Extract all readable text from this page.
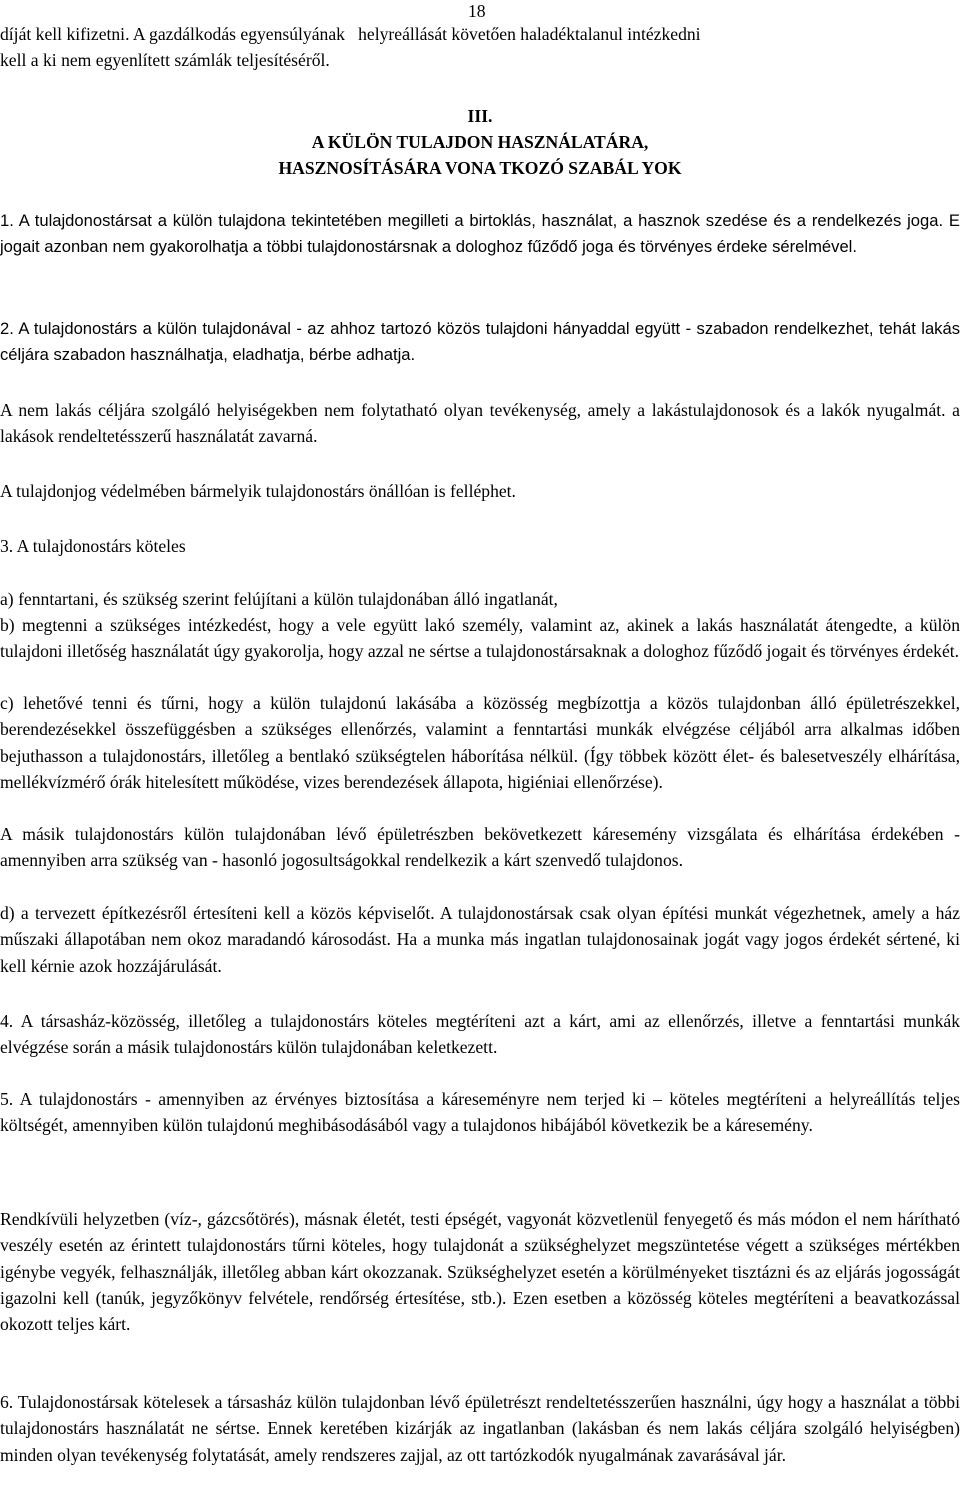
18
díját kell kifizetni. A gazdálkodás egyensúlyának   helyreállását követően haladéktalanul intézkedni
kell a ki nem egyenlített számlák teljesítéséről.
III.
A KÜLÖN TULAJDON HASZNÁLATÁRA,
HASZNOSÍTÁSÁRA VONA TKOZÓ SZABÁL YOK
1. A tulajdonostársat a külön tulajdona tekintetében megilleti a birtoklás, használat, a hasznok szedése és a rendelkezés joga. E jogait azonban nem gyakorolhatja a többi tulajdonostársnak a dologhoz fűződő joga és törvényes érdeke sérelmével.
2. A tulajdonostárs a külön tulajdonával - az ahhoz tartozó közös tulajdoni hányaddal együtt - szabadon rendelkezhet, tehát lakás céljára szabadon használhatja, eladhatja, bérbe adhatja.
A nem lakás céljára szolgáló helyiségekben nem folytatható olyan tevékenység, amely a lakástulajdonosok és a lakók nyugalmát. a lakások rendeltetésszerű használatát zavarná.
A tulajdonjog védelmében bármelyik tulajdonostárs önállóan is felléphet.
3. A tulajdonostárs köteles
a) fenntartani, és szükség szerint felújítani a külön tulajdonában álló ingatlanát,
b) megtenni a szükséges intézkedést, hogy a vele együtt lakó személy, valamint az, akinek a lakás használatát átengedte, a külön tulajdoni illetőség használatát úgy gyakorolja, hogy azzal ne sértse a tulajdonostársaknak a dologhoz fűződő jogait és törvényes érdekét.
c) lehetővé tenni és tűrni, hogy a külön tulajdonú lakásába a közösség megbízottja a közös tulajdonban álló épületrészekkel, berendezésekkel összefüggésben a szükséges ellenőrzés, valamint a fenntartási munkák elvégzése céljából arra alkalmas időben bejuthasson a tulajdonostárs, illetőleg a bentlakó szükségtelen háborítása nélkül. (Így többek között élet- és balesetveszély elhárítása, mellékvízmérő órák hitelesített működése, vizes berendezések állapota, higiéniai ellenőrzése).
A másik tulajdonostárs külön tulajdonában lévő épületrészben bekövetkezett káresemény vizsgálata és elhárítása érdekében - amennyiben arra szükség van - hasonló jogosultságokkal rendelkezik a kárt szenvedő tulajdonos.
d) a tervezett építkezésről értesíteni kell a közös képviselőt. A tulajdonostársak csak olyan építési munkát végezhetnek, amely a ház műszaki állapotában nem okoz maradandó károsodást. Ha a munka más ingatlan tulajdonosainak jogát vagy jogos érdekét sértené, ki kell kérnie azok hozzájárulását.
4. A társasház-közösség, illetőleg a tulajdonostárs köteles megtéríteni azt a kárt, ami az ellenőrzés, illetve a fenntartási munkák elvégzése során a másik tulajdonostárs külön tulajdonában keletkezett.
5. A tulajdonostárs - amennyiben az érvényes biztosítása a káreseményre nem terjed ki – köteles megtéríteni a helyreállítás teljes költségét, amennyiben külön tulajdonú meghibásodásából vagy a tulajdonos hibájából következik be a káresemény.
Rendkívüli helyzetben (víz-, gázcsőtörés), másnak életét, testi épségét, vagyonát közvetlenül fenyegető és más módon el nem hárítható veszély esetén az érintett tulajdonostárs tűrni köteles, hogy tulajdonát a szükséghelyzet megszüntetése végett a szükséges mértékben igénybe vegyék, felhasználják, illetőleg abban kárt okozzanak. Szükséghelyzet esetén a körülményeket tisztázni és az eljárás jogosságát igazolni kell (tanúk, jegyzőkönyv felvétele, rendőrség értesítése, stb.). Ezen esetben a közösség köteles megtéríteni a beavatkozással okozott teljes kárt.
6. Tulajdonostársak kötelesek a társasház külön tulajdonban lévő épületrészt rendeltetésszerűen használni, úgy hogy a használat a többi tulajdonostárs használatát ne sértse. Ennek keretében kizárják az ingatlanban (lakásban és nem lakás céljára szolgáló helyiségben) minden olyan tevékenység folytatását, amely rendszeres zajjal, az ott tartózkodók nyugalmának zavarásával jár.
